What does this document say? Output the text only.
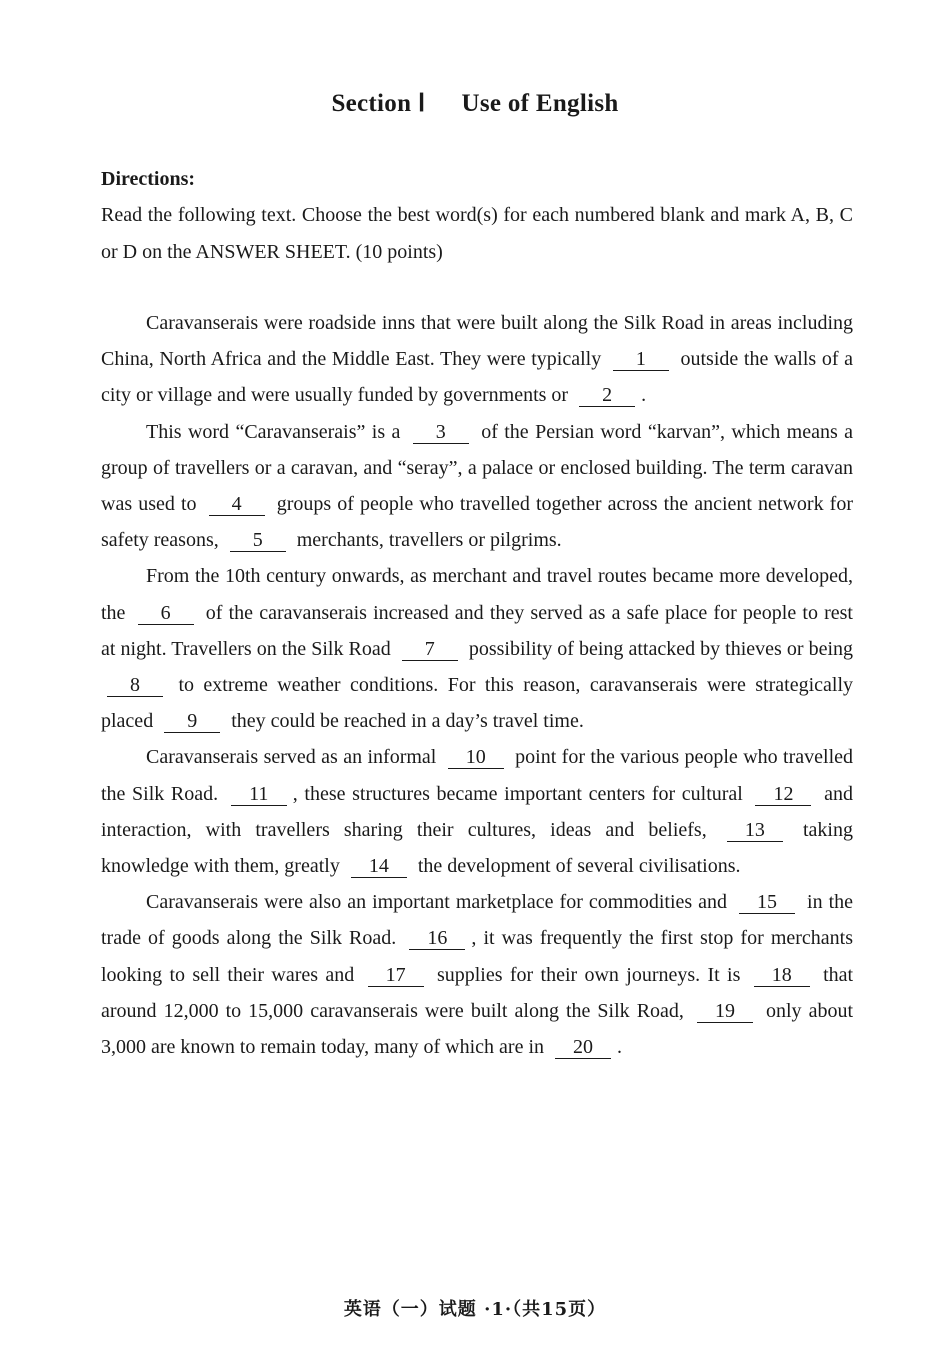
Section Ⅰ Use of English
Directions:
Read the following text. Choose the best word(s) for each numbered blank and mark A, B, C or D on the ANSWER SHEET. (10 points)

Caravanserais were roadside inns that were built along the Silk Road in areas including China, North Africa and the Middle East. They were typically 1 outside the walls of a city or village and were usually funded by governments or 2 .

This word “Caravanserais” is a 3 of the Persian word “karvan”, which means a group of travellers or a caravan, and “seray”, a palace or enclosed building. The term caravan was used to 4 groups of people who travelled together across the ancient network for safety reasons, 5 merchants, travellers or pilgrims.

From the 10th century onwards, as merchant and travel routes became more developed, the 6 of the caravanserais increased and they served as a safe place for people to rest at night. Travellers on the Silk Road 7 possibility of being attacked by thieves or being 8 to extreme weather conditions. For this reason, caravanserais were strategically placed 9 they could be reached in a day’s travel time.

Caravanserais served as an informal 10 point for the various people who travelled the Silk Road. 11 , these structures became important centers for cultural 12 and interaction, with travellers sharing their cultures, ideas and beliefs, 13 taking knowledge with them, greatly 14 the development of several civilisations.

Caravanserais were also an important marketplace for commodities and 15 in the trade of goods along the Silk Road. 16 , it was frequently the first stop for merchants looking to sell their wares and 17 supplies for their own journeys. It is 18 that around 12,000 to 15,000 caravanserais were built along the Silk Road, 19 only about 3,000 are known to remain today, many of which are in 20 .

英语（一）试题 ·1·（共15页）
